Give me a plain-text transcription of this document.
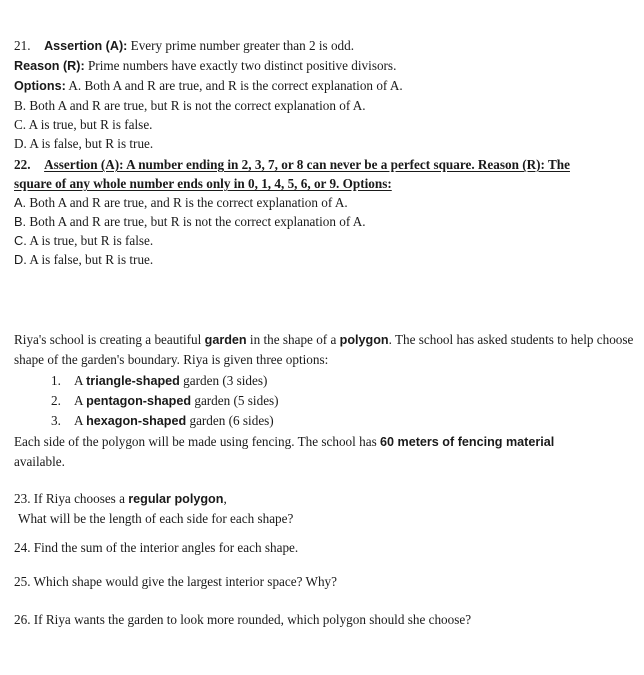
21. Assertion (A): Every prime number greater than 2 is odd.
Reason (R): Prime numbers have exactly two distinct positive divisors.
Options: A. Both A and R are true, and R is the correct explanation of A.
B. Both A and R are true, but R is not the correct explanation of A.
C. A is true, but R is false.
D. A is false, but R is true.
22. Assertion (A): A number ending in 2, 3, 7, or 8 can never be a perfect square. Reason (R): The
square of any whole number ends only in 0, 1, 4, 5, 6, or 9. Options:
A. Both A and R are true, and R is the correct explanation of A.
B. Both A and R are true, but R is not the correct explanation of A.
C. A is true, but R is false.
D. A is false, but R is true.
Riya's school is creating a beautiful garden in the shape of a polygon. The school has asked students to help choose
shape of the garden's boundary. Riya is given three options:
1. A triangle-shaped garden (3 sides)
2. A pentagon-shaped garden (5 sides)
3. A hexagon-shaped garden (6 sides)
Each side of the polygon will be made using fencing. The school has 60 meters of fencing material
available.
23. If Riya chooses a regular polygon,
What will be the length of each side for each shape?
24. Find the sum of the interior angles for each shape.
25. Which shape would give the largest interior space? Why?
26. If Riya wants the garden to look more rounded, which polygon should she choose?
